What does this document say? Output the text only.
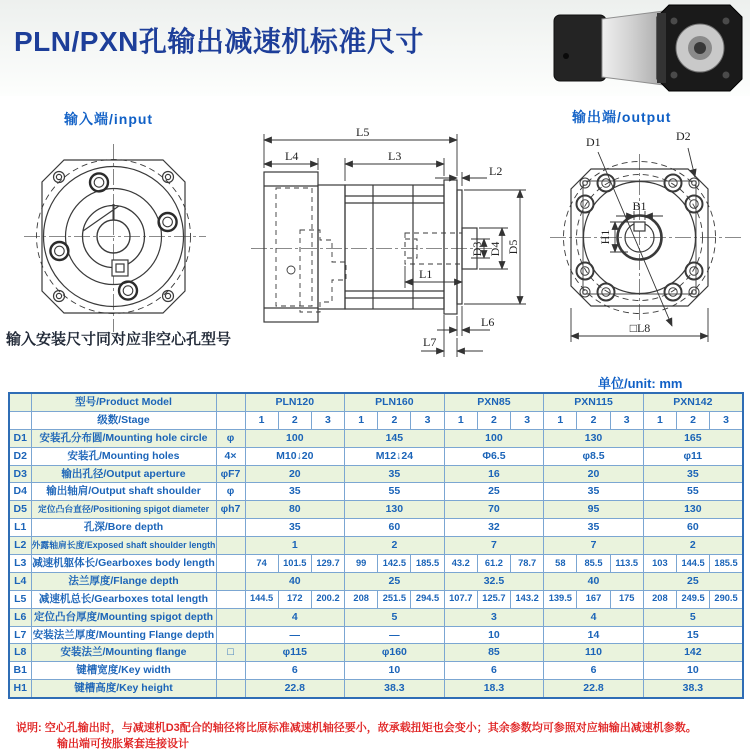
PLN/PXN孔输出减速机标准尺寸
输入端/input
输入安装尺寸同对应非空心孔型号
L5
L4	L3
L2
L1
L6
L7
D3 D4 D5
输出端/output
B1
H1
D1	D2
□L8
单位/unit: mm
	型号/Product Model		PLN120			PLN160			PXN85			PXN115			PXN142		
	级数/Stage		1	2	3	1	2	3	1	2	3	1	2	3	1	2	3
D1	安装孔分布圆/Mounting hole circle	φ	100			145			100			130			165		
D2	安装孔/Mounting holes	4×	M10↓20			M12↓24			Φ6.5			φ8.5			φ11		
D3	输出孔径/Output aperture	φF7	20			35			16			20			35		
D4	输出轴肩/Output shaft shoulder	φ	35			55			25			35			55		
D5	定位凸台直径/Positioning spigot diameter	φh7	80			130			70			95			130		
L1	孔深/Bore depth		35			60			32			35			60		
L2	外露轴肩长度/Exposed shaft shoulder length		1			2			7			7			2		
L3	减速机躯体长/Gearboxes body length		74	101.5	129.7	99	142.5	185.5	43.2	61.2	78.7	58	85.5	113.5	103	144.5	185.5
L4	法兰厚度/Flange depth		40			25			32.5			40			25		
L5	减速机总长/Gearboxes total length		144.5	172	200.2	208	251.5	294.5	107.7	125.7	143.2	139.5	167	175	208	249.5	290.5
L6	定位凸台厚度/Mounting spigot depth		4			5			3			4			5		
L7	安装法兰厚度/Mounting Flange depth		—			—			10			14			15		
L8	安装法兰/Mounting flange	□	φ115			φ160			85			110			142		
B1	键槽宽度/Key width		6			10			6			6			10		
H1	键槽高度/Key height		22.8			38.3			18.3			22.8			38.3		
说明: 空心孔输出时，与减速机D3配合的轴径将比原标准减速机轴径要小，故承载扭矩也会变小；其余参数均可参照对应轴输出减速机参数。
输出端可按胀紧套连接设计
